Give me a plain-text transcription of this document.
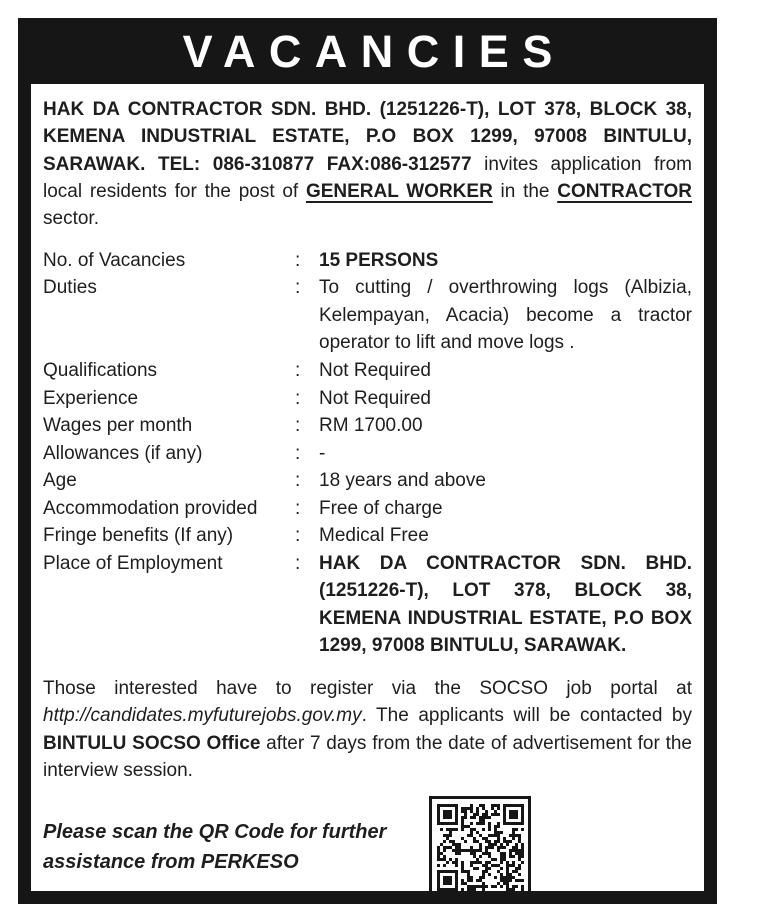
VACANCIES

HAK DA CONTRACTOR SDN. BHD. (1251226-T), LOT 378, BLOCK 38, KEMENA INDUSTRIAL ESTATE, P.O BOX 1299, 97008 BINTULU, SARAWAK. TEL: 086-310877 FAX:086-312577 invites application from local residents for the post of GENERAL WORKER in the CONTRACTOR sector.

No. of Vacancies	: 15 PERSONS
Duties	: To cutting / overthrowing logs (Albizia, Kelempayan, Acacia) become a tractor operator to lift and move logs .
Qualifications	: Not Required
Experience	: Not Required
Wages per month	: RM 1700.00
Allowances (if any)	: -
Age	: 18 years and above
Accommodation provided	: Free of charge
Fringe benefits (If any)	: Medical Free
Place of Employment	: HAK DA CONTRACTOR SDN. BHD. (1251226-T), LOT 378, BLOCK 38, KEMENA INDUSTRIAL ESTATE, P.O BOX 1299, 97008 BINTULU, SARAWAK.

Those interested have to register via the SOCSO job portal at http://candidates.myfuturejobs.gov.my. The applicants will be contacted by BINTULU SOCSO Office after 7 days from the date of advertisement for the interview session.

Please scan the QR Code for further assistance from PERKESO
